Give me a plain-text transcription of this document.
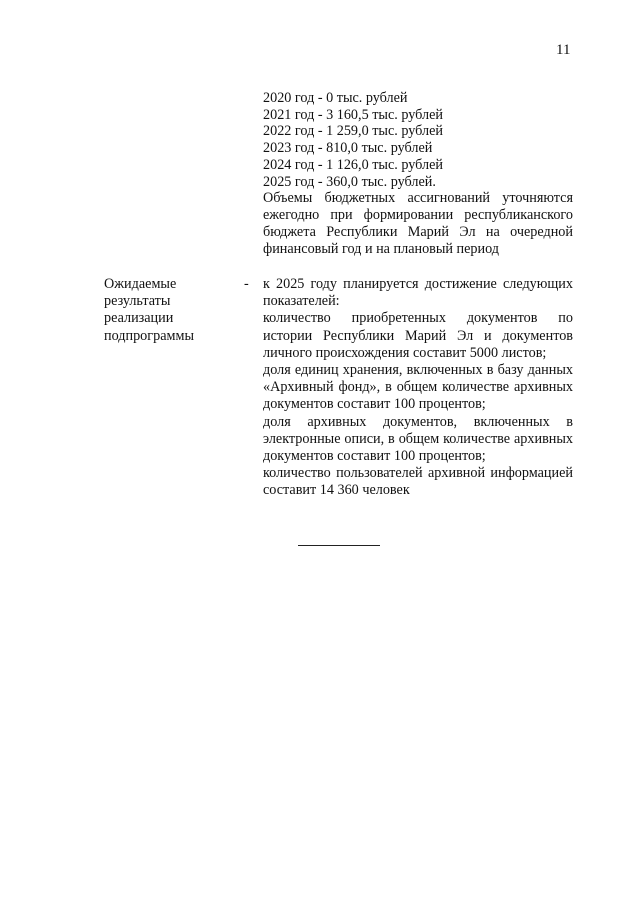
11
2020 год - 0 тыс. рублей
2021 год - 3 160,5 тыс. рублей
2022 год - 1 259,0 тыс. рублей
2023 год - 810,0 тыс. рублей
2024 год - 1 126,0 тыс. рублей
2025 год - 360,0 тыс. рублей.
Объемы бюджетных ассигнований уточняются ежегодно при формировании республиканского бюджета Республики Марий Эл на очередной финансовый год и на плановый период
Ожидаемые результаты реализации подпрограммы
- к 2025 году планируется достижение следующих показателей:

количество приобретенных документов по истории Республики Марий Эл и документов личного происхождения составит 5000 листов;

доля единиц хранения, включенных в базу данных «Архивный фонд», в общем количестве архивных документов составит 100 процентов;

доля архивных документов, включенных в электронные описи, в общем количестве архивных документов составит 100 процентов;

количество пользователей архивной информацией составит 14 360 человек
